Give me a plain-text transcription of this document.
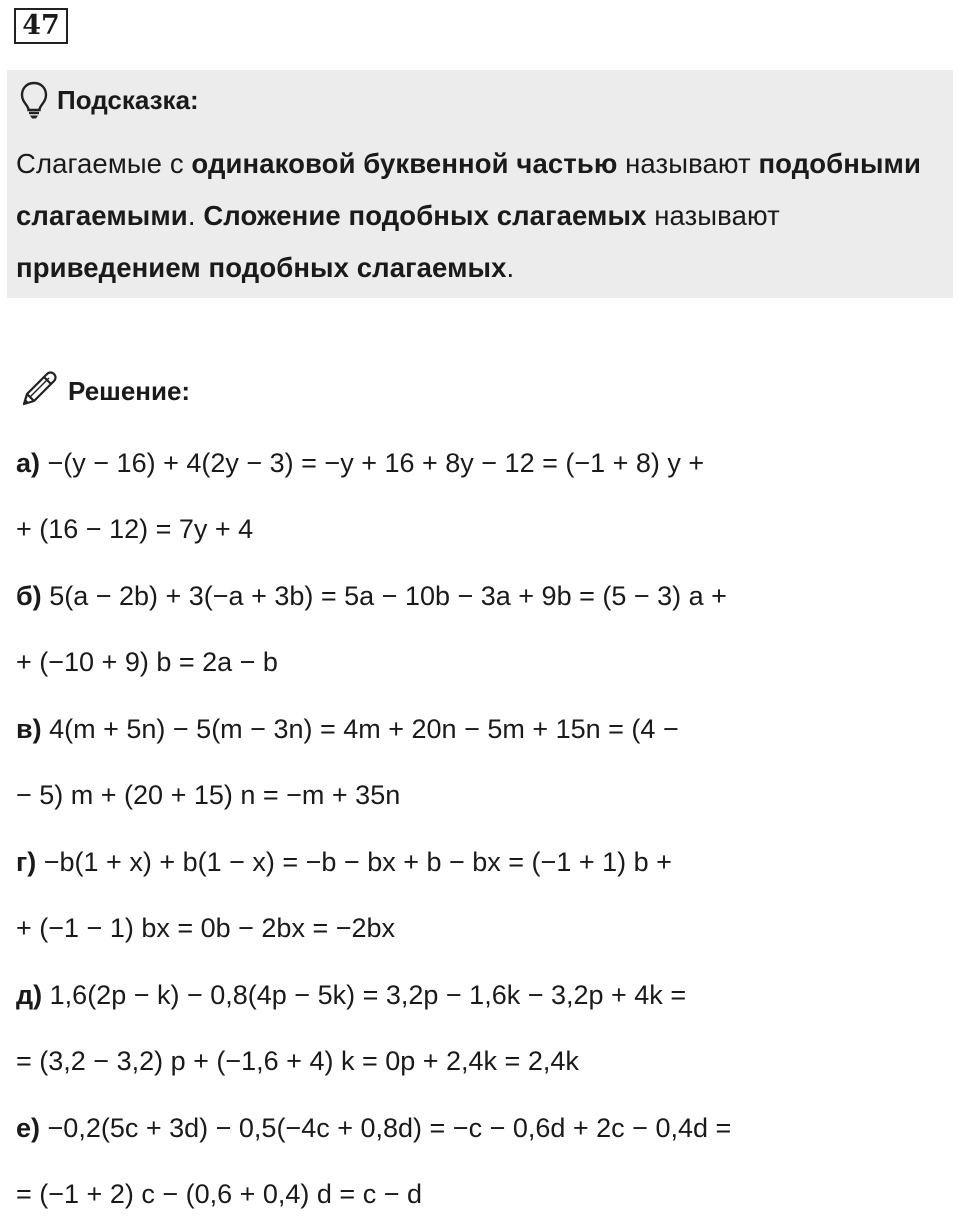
47
Подсказка:
Слагаемые с одинаковой буквенной частью называют подобными слагаемыми. Сложение подобных слагаемых называют приведением подобных слагаемых.
Решение:
а) −(y − 16) + 4(2y − 3) = −y + 16 + 8y − 12 = (−1 + 8) y +
+ (16 − 12) = 7y + 4
б) 5(a − 2b) + 3(−a + 3b) = 5a − 10b − 3a + 9b = (5 − 3) a +
+ (−10 + 9) b = 2a − b
в) 4(m + 5n) − 5(m − 3n) = 4m + 20n − 5m + 15n = (4 −
− 5) m + (20 + 15) n = −m + 35n
г) −b(1 + x) + b(1 − x) = −b − bx + b − bx = (−1 + 1) b +
+ (−1 − 1) bx = 0b − 2bx = −2bx
д) 1,6(2p − k) − 0,8(4p − 5k) = 3,2p − 1,6k − 3,2p + 4k =
= (3,2 − 3,2) p + (−1,6 + 4) k = 0p + 2,4k = 2,4k
е) −0,2(5c + 3d) − 0,5(−4c + 0,8d) = −c − 0,6d + 2c − 0,4d =
= (−1 + 2) c − (0,6 + 0,4) d = c − d
